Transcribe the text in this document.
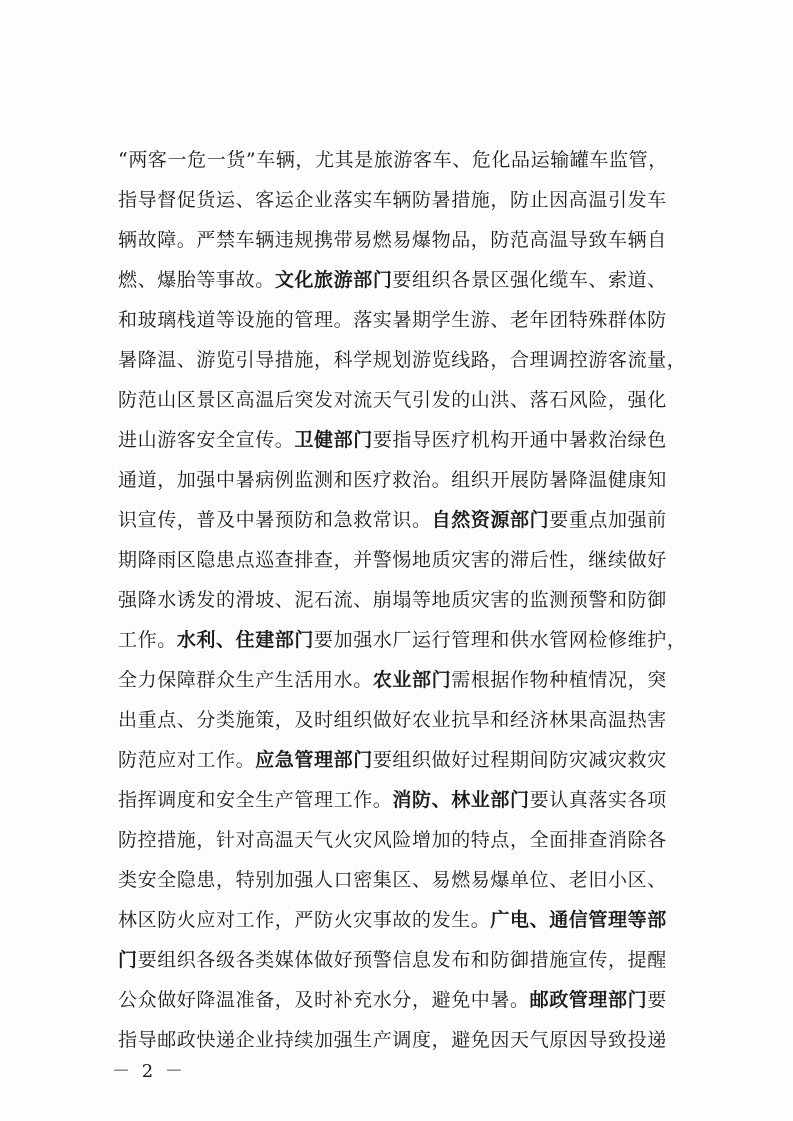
“两客一危一货”车辆，尤其是旅游客车、危化品运输罐车监管，
指导督促货运、客运企业落实车辆防暑措施，防止因高温引发车
辆故障。严禁车辆违规携带易燃易爆物品，防范高温导致车辆自
燃、爆胎等事故。文化旅游部门要组织各景区强化缆车、索道、
和玻璃栈道等设施的管理。落实暑期学生游、老年团特殊群体防
暑降温、游览引导措施，科学规划游览线路，合理调控游客流量，
防范山区景区高温后突发对流天气引发的山洪、落石风险，强化
进山游客安全宣传。卫健部门要指导医疗机构开通中暑救治绿色
通道，加强中暑病例监测和医疗救治。组织开展防暑降温健康知
识宣传，普及中暑预防和急救常识。自然资源部门要重点加强前
期降雨区隐患点巡查排查，并警惕地质灾害的滞后性，继续做好
强降水诱发的滑坡、泥石流、崩塌等地质灾害的监测预警和防御
工作。水利、住建部门要加强水厂运行管理和供水管网检修维护，
全力保障群众生产生活用水。农业部门需根据作物种植情况，突
出重点、分类施策，及时组织做好农业抗旱和经济林果高温热害
防范应对工作。应急管理部门要组织做好过程期间防灾减灾救灾
指挥调度和安全生产管理工作。消防、林业部门要认真落实各项
防控措施，针对高温天气火灾风险增加的特点，全面排查消除各
类安全隐患，特别加强人口密集区、易燃易爆单位、老旧小区、
林区防火应对工作，严防火灾事故的发生。广电、通信管理等部
门要组织各级各类媒体做好预警信息发布和防御措施宣传，提醒
公众做好降温准备，及时补充水分，避免中暑。邮政管理部门要
指导邮政快递企业持续加强生产调度，避免因天气原因导致投递
－ 2 －
